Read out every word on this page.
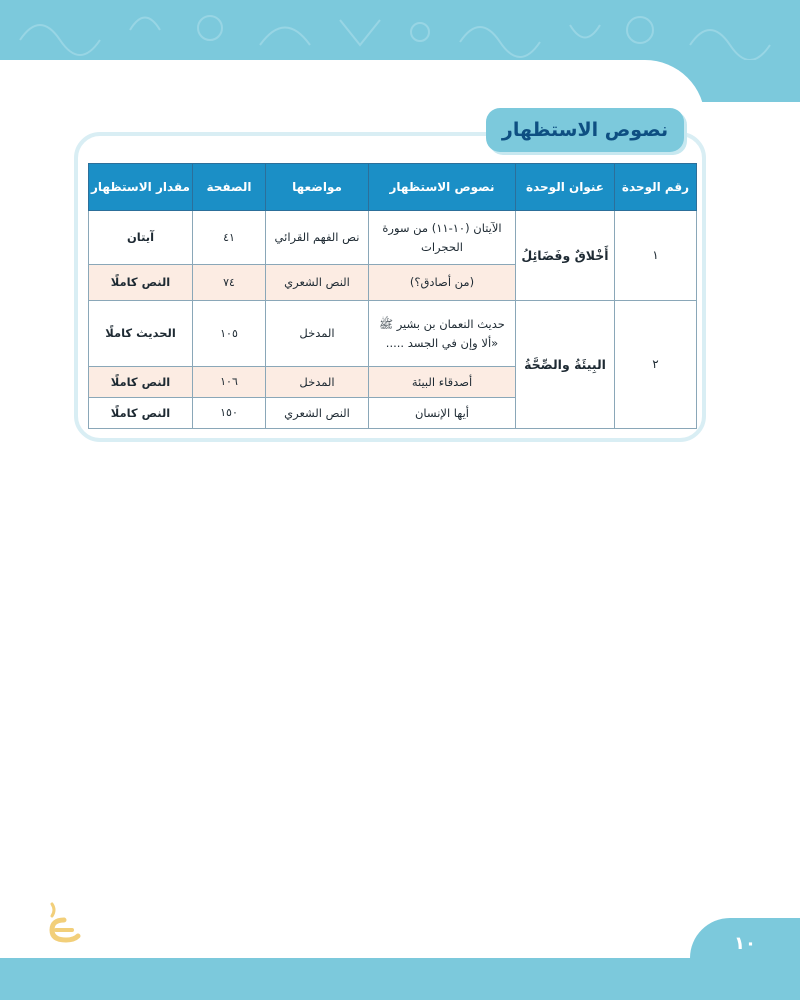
نصوص الاستظهار
رقم الوحدة	عنوان الوحدة	نصوص الاستظهار	مواضعها	الصفحة	مقدار الاستظهار
١	أَخْلاقٌ وفَضَائِلُ	الآيتان (١٠-١١) من سورة الحجرات	نص الفهم القرائي	٤١	آيتان
		(من أصادق؟)	النص الشعري	٧٤	النص كاملًا
٢	البِيئَةُ والصِّحَّةُ	حديث النعمان بن بشير ﷺ «ألا وإن في الجسد .....	المدخل	١٠٥	الحديث كاملًا
		أصدقاء البيئة	المدخل	١٠٦	النص كاملًا
		أيها الإنسان	النص الشعري	١٥٠	النص كاملًا
١٠
